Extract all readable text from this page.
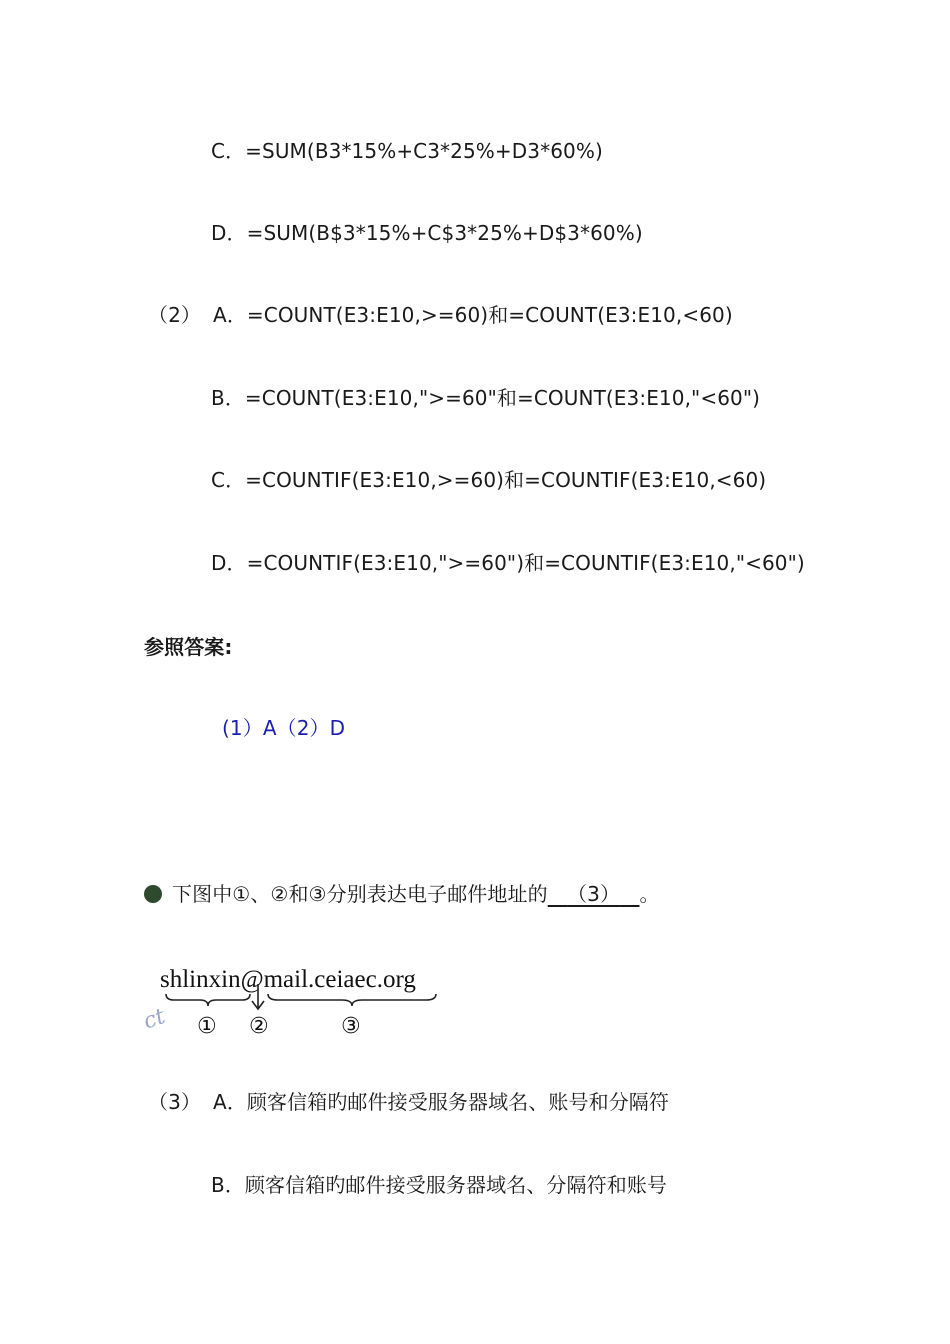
C．=SUM(B3*15%+C3*25%+D3*60%)
D．=SUM(B$3*15%+C$3*25%+D$3*60%)
（2） A．=COUNT(E3:E10,>=60)和=COUNT(E3:E10,<60)
B．=COUNT(E3:E10,">=60"和=COUNT(E3:E10,"<60")
C．=COUNTIF(E3:E10,>=60)和=COUNTIF(E3:E10,<60)
D．=COUNTIF(E3:E10,">=60")和=COUNTIF(E3:E10,"<60")
参照答案:
(1）A（2）D
下图中①、②和③分别表达电子邮件地址的 （3） 。
ct
shlinxin@mail.ceiaec.org
① ②	③
（3） A．顾客信箱旳邮件接受服务器域名、账号和分隔符
B．顾客信箱旳邮件接受服务器域名、分隔符和账号
